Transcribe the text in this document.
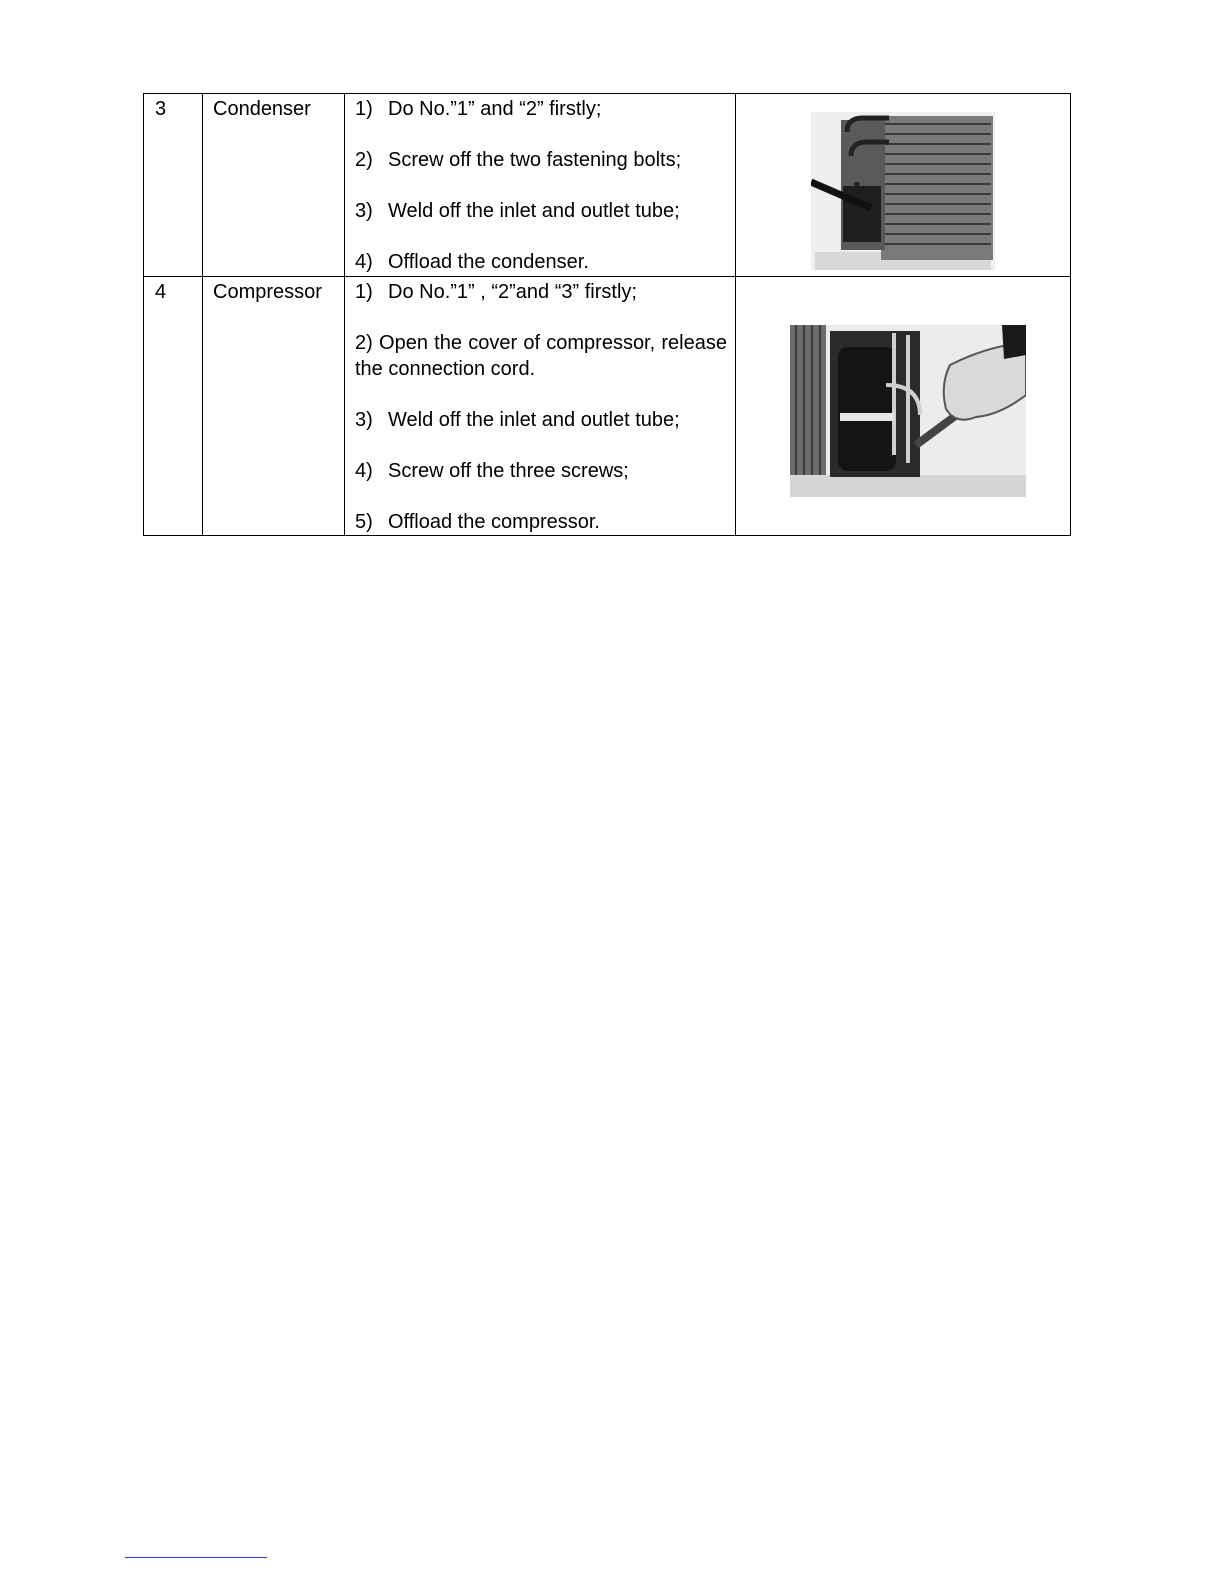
3	Condenser	1) Do No.”1” and “2” firstly;
2) Screw off the two fastening bolts;
3) Weld off the inlet and outlet tube;
4) Offload the condenser.

4	Compressor	1) Do No.”1” , “2”and “3” firstly;
2) Open the cover of compressor, release the connection cord.
3) Weld off the inlet and outlet tube;
4) Screw off the three screws;
5) Offload the compressor.
